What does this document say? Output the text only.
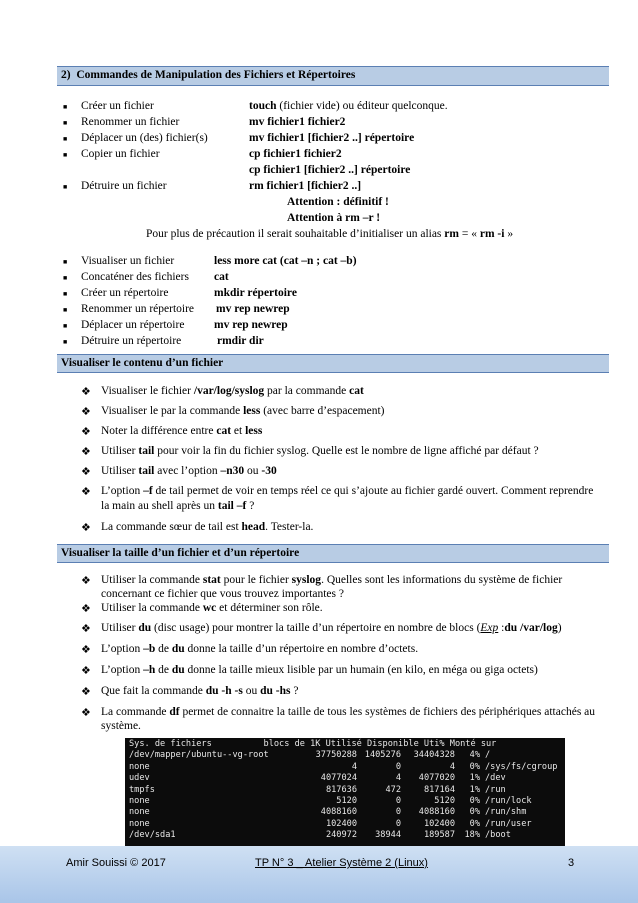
2)  Commandes de Manipulation des Fichiers et Répertoires
■ Créer un fichier	touch (fichier vide) ou éditeur quelconque.
■ Renommer un fichier	mv fichier1 fichier2
■ Déplacer un (des) fichier(s)	mv fichier1 [fichier2 ..] répertoire
■ Copier un fichier	cp fichier1 fichier2
cp fichier1 [fichier2 ..] répertoire
■ Détruire un fichier	rm fichier1 [fichier2 ..]
Attention : définitif !
Attention à rm –r !
Pour plus de précaution il serait souhaitable d’initialiser un alias rm = « rm -i »
■ Visualiser un fichier	less more cat (cat –n ; cat –b)
■ Concaténer des fichiers cat
■ Créer un répertoire	mkdir répertoire
■ Renommer un répertoire mv rep newrep
■ Déplacer un répertoire	mv rep newrep
■ Détruire un répertoire	rmdir dir
Visualiser le contenu d’un fichier
❖ Visualiser le fichier /var/log/syslog par la commande cat
❖ Visualiser le par la commande less (avec barre d’espacement)
❖ Noter la différence entre cat et less
❖ Utiliser tail pour voir la fin du fichier syslog. Quelle est le nombre de ligne affiché par défaut ?
❖ Utiliser tail avec l’option –n30 ou -30
❖ L’option –f de tail permet de voir en temps réel ce qui s’ajoute au fichier gardé ouvert. Comment reprendre
la main au shell après un tail –f ?
❖ La commande sœur de tail est head. Tester-la.
Visualiser la taille d’un fichier et d’un répertoire
❖ Utiliser la commande stat pour le fichier syslog. Quelles sont les informations du système de fichier
concernant ce fichier que vous trouvez importantes ?
❖ Utiliser la commande wc et déterminer son rôle.
❖ Utiliser du (disc usage) pour montrer la taille d’un répertoire en nombre de blocs (Exp :du /var/log)
❖ L’option –b de du donne la taille d’un répertoire en nombre d’octets.
❖ L’option –h de du donne la taille mieux lisible par un humain (en kilo, en méga ou giga octets)
❖ Que fait la commande du -h -s ou du -hs ?
❖ La commande df permet de connaitre la taille de tous les systèmes de fichiers des périphériques attachés au
système.
Sys. de fichiers          blocs de 1K Utilisé Disponible Uti% Monté sur
/dev/mapper/ubuntu--vg-root	37750288 1405276 34404328 4% /
none	4	0	4 0% /sys/fs/cgroup
udev	4077024	4 4077020 1% /dev
tmpfs	817636	472	817164 1% /run
none	5120	0	5120 0% /run/lock
none	4088160	0 4088160 0% /run/shm
none	102400	0	102400 0% /run/user
/dev/sda1	240972 38944	189587 18% /boot
Amir Souissi © 2017	TP N° 3 _ Atelier Système 2 (Linux)	3
